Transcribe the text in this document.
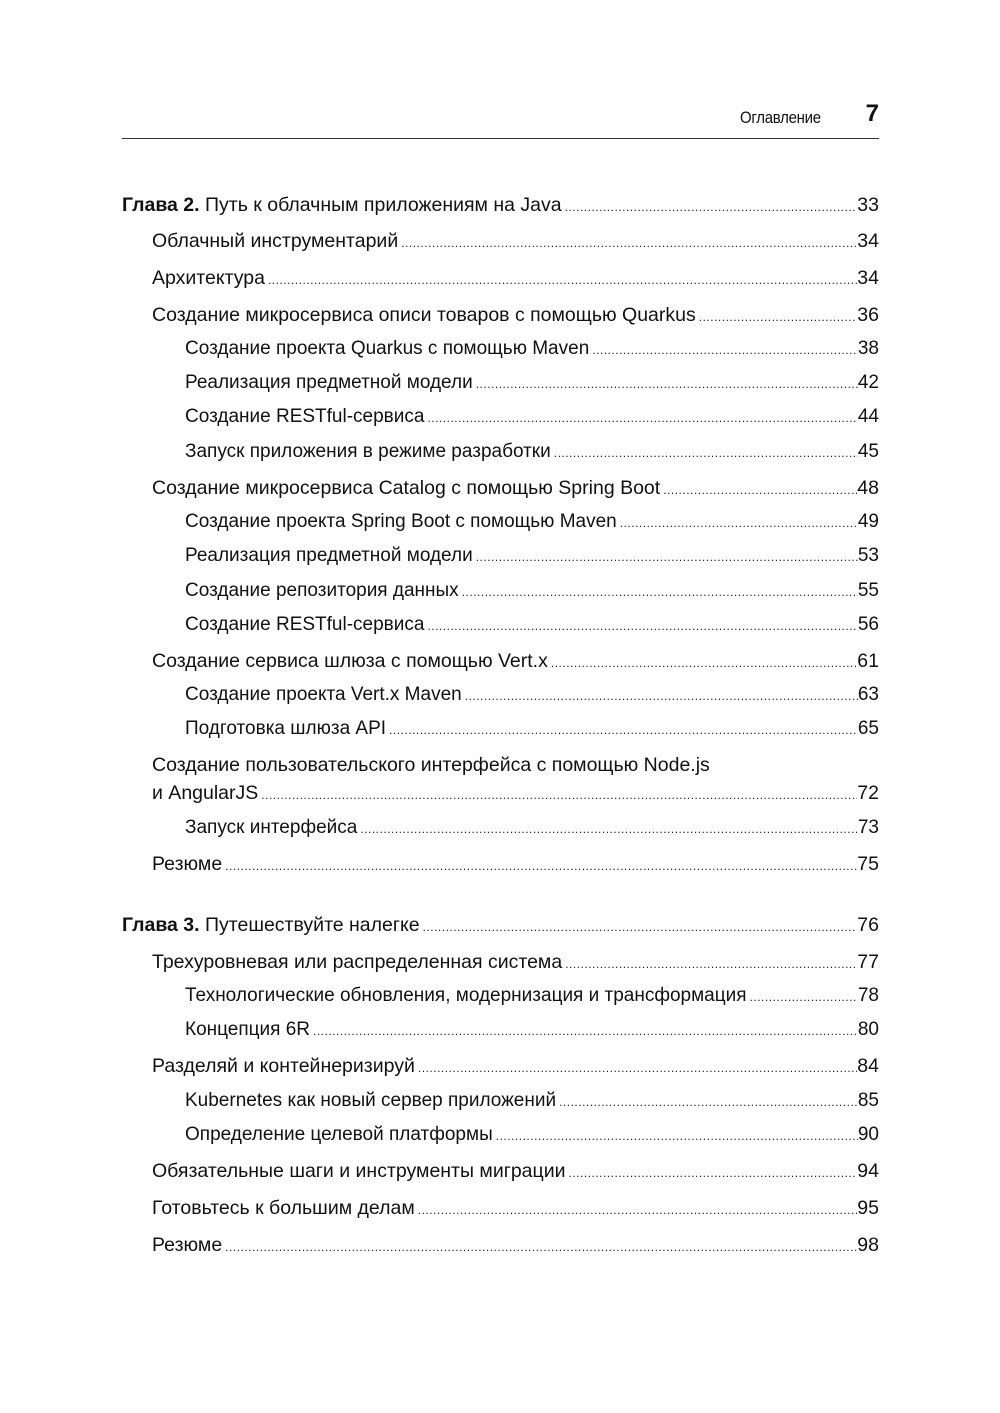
Оглавление 7
Глава 2. Путь к облачным приложениям на Java .....	33
Облачный инструментарий .....	34
Архитектура .....	34
Создание микросервиса описи товаров с помощью Quarkus .....	36
Создание проекта Quarkus с помощью Maven .....	38
Реализация предметной модели .....	42
Создание RESTful-сервиса .....	44
Запуск приложения в режиме разработки .....	45
Создание микросервиса Catalog с помощью Spring Boot .....	48
Создание проекта Spring Boot с помощью Maven .....	49
Реализация предметной модели .....	53
Создание репозитория данных .....	55
Создание RESTful-сервиса .....	56
Создание сервиса шлюза с помощью Vert.x .....	61
Создание проекта Vert.x Maven .....	63
Подготовка шлюза API .....	65
Создание пользовательского интерфейса с помощью Node.js
и AngularJS .....	72
Запуск интерфейса .....	73
Резюме .....	75
Глава 3. Путешествуйте налегке .....	76
Трехуровневая или распределенная система .....	77
Технологические обновления, модернизация и трансформация .....	78
Концепция 6R .....	80
Разделяй и контейнеризируй .....	84
Kubernetes как новый сервер приложений .....	85
Определение целевой платформы .....	90
Обязательные шаги и инструменты миграции .....	94
Готовьтесь к большим делам .....	95
Резюме .....	98
